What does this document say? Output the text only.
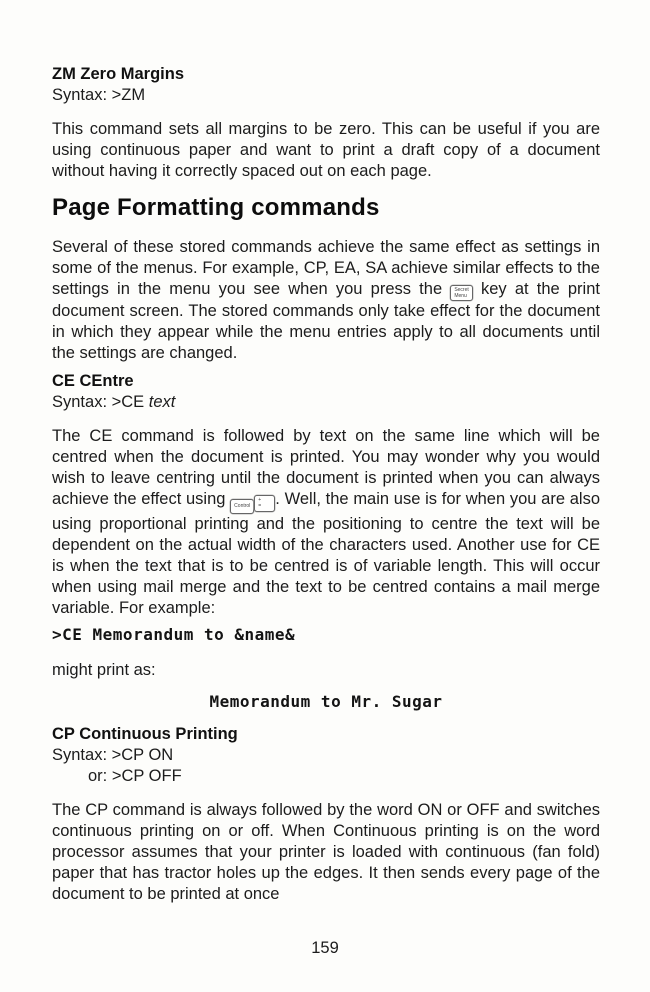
ZM Zero Margins

Syntax: >ZM

This command sets all margins to be zero. This can be useful if you are using continuous paper and want to print a draft copy of a document without having it correctly spaced out on each page.

Page Formatting commands

Several of these stored commands achieve the same effect as settings in some of the menus. For example, CP, EA, SA achieve similar effects to the settings in the menu you see when you press the Secret
Menu key at the print document screen. The stored commands only take effect for the document in which they appear while the menu entries apply to all documents until the settings are changed.

CE CEntre

Syntax: >CE text

The CE command is followed by text on the same line which will be centred when the document is printed. You may wonder why you would wish to leave centring until the document is printed when you can always achieve the effect using Control
+
= . Well, the main use is for when you are also using proportional printing and the positioning to centre the text will be dependent on the actual width of the characters used. Another use for CE is when the text that is to be centred is of variable length. This will occur when using mail merge and the text to be centred contains a mail merge variable. For example:

>CE Memorandum to &name&

might print as:

Memorandum to Mr. Sugar

CP Continuous Printing

Syntax: >CP ON

or: >CP OFF

The CP command is always followed by the word ON or OFF and switches continuous printing on or off. When Continuous printing is on the word processor assumes that your printer is loaded with continuous (fan fold) paper that has tractor holes up the edges. It then sends every page of the document to be printed at once

159
